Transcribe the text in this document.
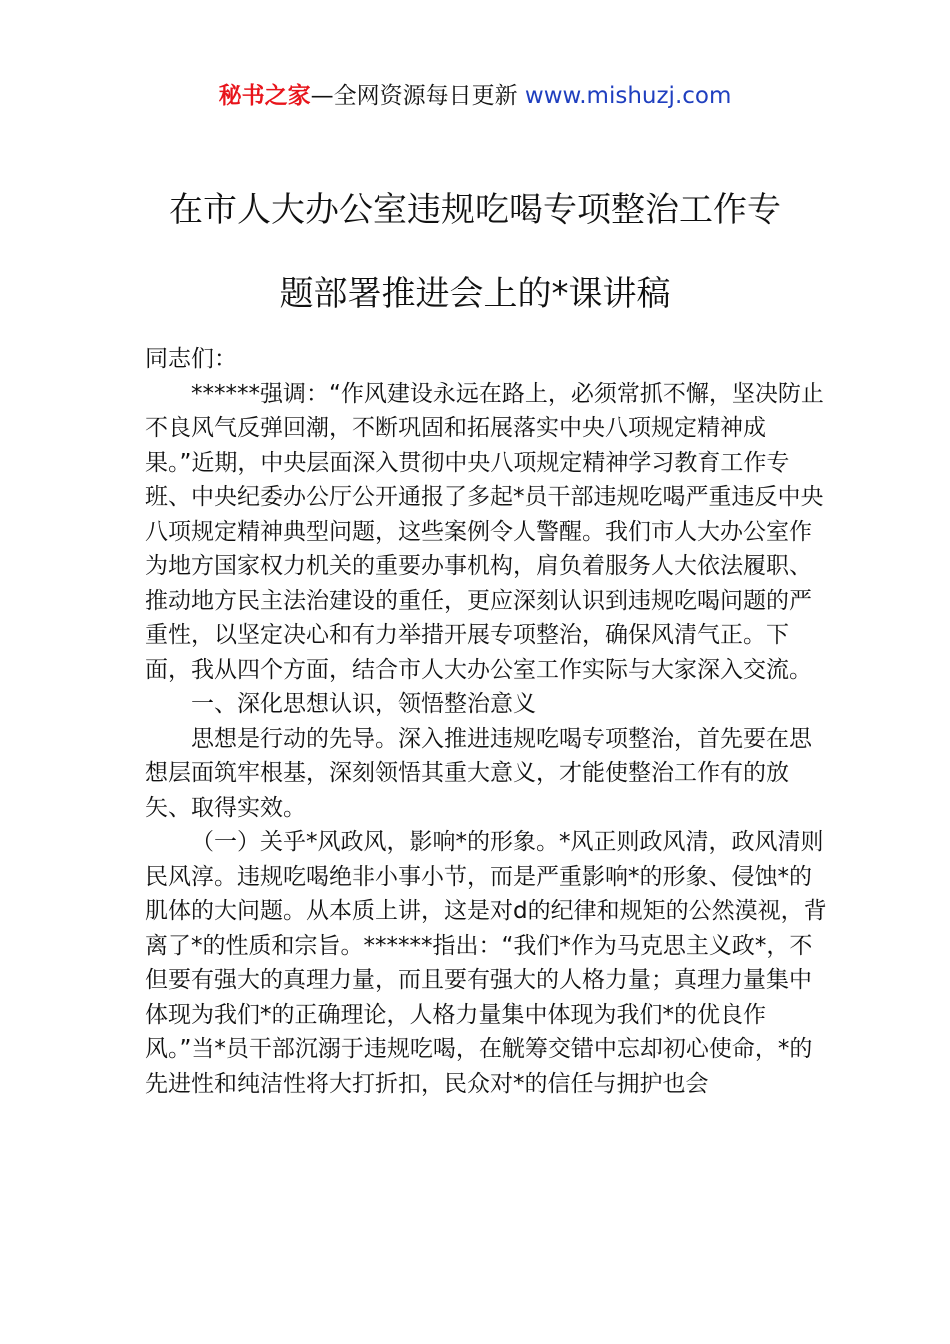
秘书之家—全网资源每日更新 www.mishuzj.com
在市人大办公室违规吃喝专项整治工作专
题部署推进会上的*课讲稿

同志们：

******强调：“作风建设永远在路上，必须常抓不懈，坚决防止不良风气反弹回潮，不断巩固和拓展落实中央八项规定精神成果。”近期，中央层面深入贯彻中央八项规定精神学习教育工作专班、中央纪委办公厅公开通报了多起*员干部违规吃喝严重违反中央八项规定精神典型问题，这些案例令人警醒。我们市人大办公室作为地方国家权力机关的重要办事机构，肩负着服务人大依法履职、推动地方民主法治建设的重任，更应深刻认识到违规吃喝问题的严重性，以坚定决心和有力举措开展专项整治，确保风清气正。下面，我从四个方面，结合市人大办公室工作实际与大家深入交流。

一、深化思想认识，领悟整治意义

思想是行动的先导。深入推进违规吃喝专项整治，首先要在思想层面筑牢根基，深刻领悟其重大意义，才能使整治工作有的放矢、取得实效。

（一）关乎*风政风，影响*的形象。*风正则政风清，政风清则民风淳。违规吃喝绝非小事小节，而是严重影响*的形象、侵蚀*的肌体的大问题。从本质上讲，这是对d的纪律和规矩的公然漠视，背离了*的性质和宗旨。******指出：“我们*作为马克思主义政*，不但要有强大的真理力量，而且要有强大的人格力量；真理力量集中体现为我们*的正确理论，人格力量集中体现为我们*的优良作风。”当*员干部沉溺于违规吃喝，在觥筹交错中忘却初心使命，*的先进性和纯洁性将大打折扣，民众对*的信任与拥护也会
